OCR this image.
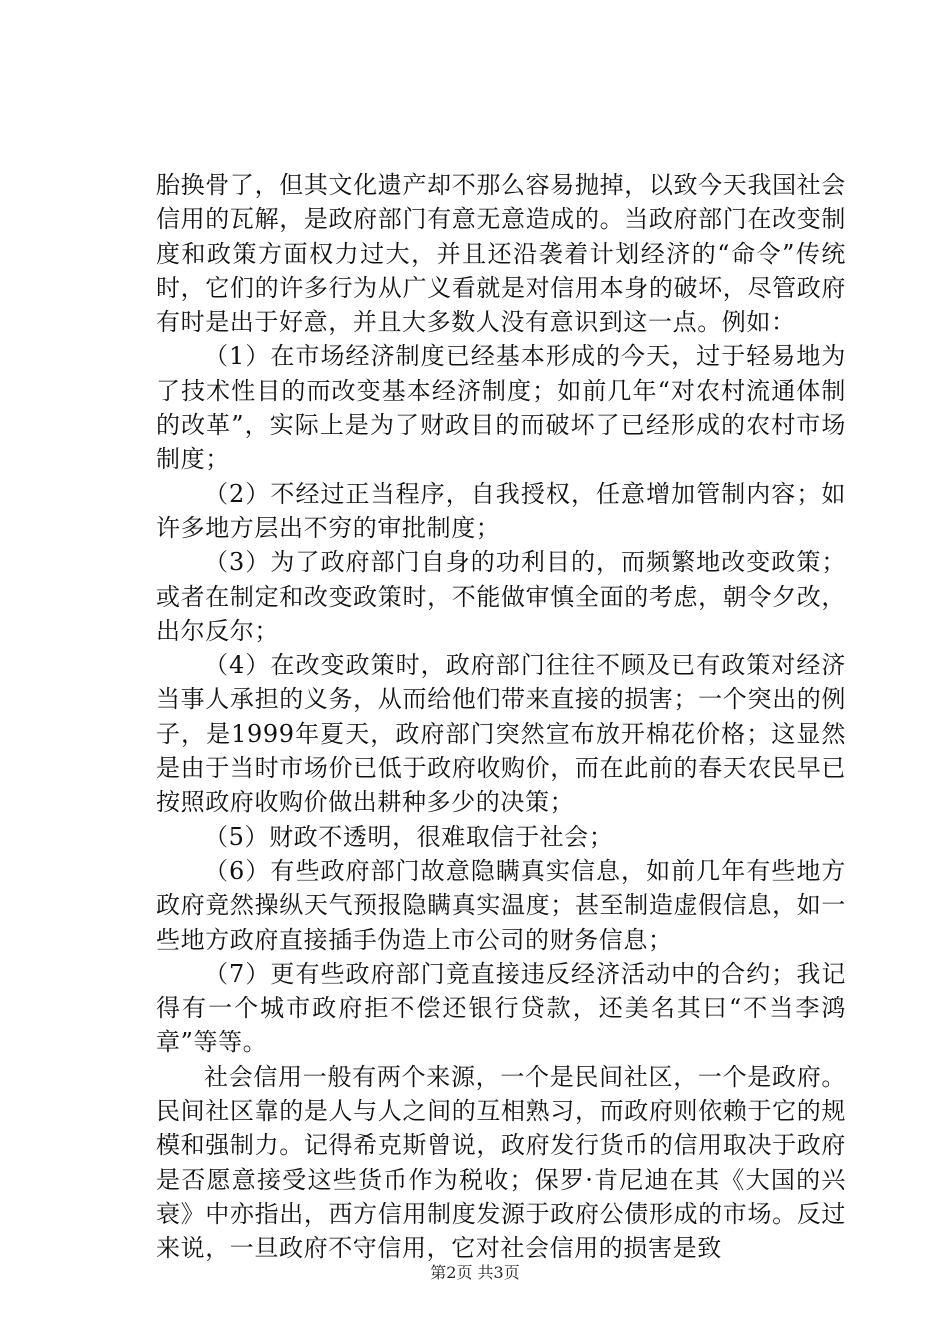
胎换骨了，但其文化遗产却不那么容易抛掉，以致今天我国社会信用的瓦解，是政府部门有意无意造成的。当政府部门在改变制度和政策方面权力过大，并且还沿袭着计划经济的“命令”传统时，它们的许多行为从广义看就是对信用本身的破坏，尽管政府有时是出于好意，并且大多数人没有意识到这一点。例如：

（1）在市场经济制度已经基本形成的今天，过于轻易地为了技术性目的而改变基本经济制度；如前几年“对农村流通体制的改革”，实际上是为了财政目的而破坏了已经形成的农村市场制度；

（2）不经过正当程序，自我授权，任意增加管制内容；如许多地方层出不穷的审批制度；

（3）为了政府部门自身的功利目的，而频繁地改变政策；或者在制定和改变政策时，不能做审慎全面的考虑，朝令夕改，出尔反尔；

（4）在改变政策时，政府部门往往不顾及已有政策对经济当事人承担的义务，从而给他们带来直接的损害；一个突出的例子，是1999年夏天，政府部门突然宣布放开棉花价格；这显然是由于当时市场价已低于政府收购价，而在此前的春天农民早已按照政府收购价做出耕种多少的决策；

（5）财政不透明，很难取信于社会；

（6）有些政府部门故意隐瞒真实信息，如前几年有些地方政府竟然操纵天气预报隐瞒真实温度；甚至制造虚假信息，如一些地方政府直接插手伪造上市公司的财务信息；

（7）更有些政府部门竟直接违反经济活动中的合约；我记得有一个城市政府拒不偿还银行贷款，还美名其曰“不当李鸿章”等等。

社会信用一般有两个来源，一个是民间社区，一个是政府。民间社区靠的是人与人之间的互相熟习，而政府则依赖于它的规模和强制力。记得希克斯曾说，政府发行货币的信用取决于政府是否愿意接受这些货币作为税收；保罗·肯尼迪在其《大国的兴衰》中亦指出，西方信用制度发源于政府公债形成的市场。反过来说，一旦政府不守信用，它对社会信用的损害是致

第2页 共3页
